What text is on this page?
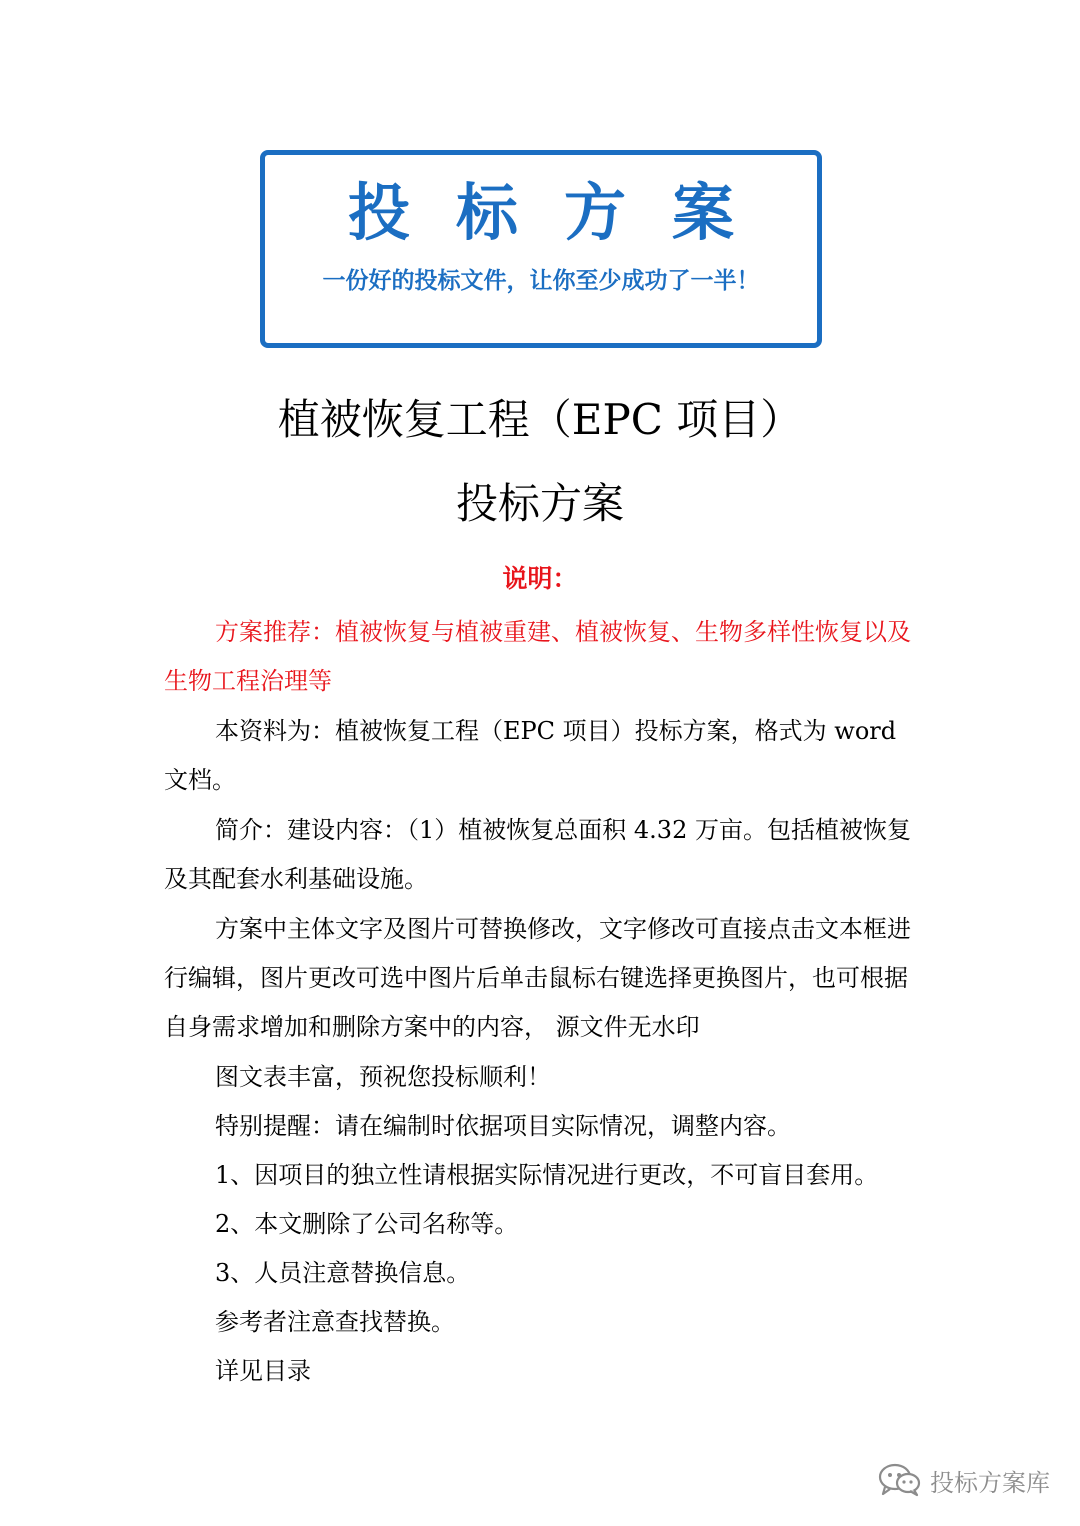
投标方案
一份好的投标文件，让你至少成功了一半！
植被恢复工程（EPC 项目）
投标方案
说明：

方案推荐：植被恢复与植被重建、植被恢复、生物多样性恢复以及生物工程治理等

本资料为：植被恢复工程（EPC 项目）投标方案，格式为 word 文档。

简介：建设内容：（1）植被恢复总面积 4.32 万亩。包括植被恢复及其配套水利基础设施。

方案中主体文字及图片可替换修改，文字修改可直接点击文本框进行编辑，图片更改可选中图片后单击鼠标右键选择更换图片，也可根据自身需求增加和删除方案中的内容， 源文件无水印

图文表丰富，预祝您投标顺利！

特别提醒：请在编制时依据项目实际情况，调整内容。

1、因项目的独立性请根据实际情况进行更改，不可盲目套用。

2、本文删除了公司名称等。

3、人员注意替换信息。

参考者注意查找替换。

详见目录

投标方案库
